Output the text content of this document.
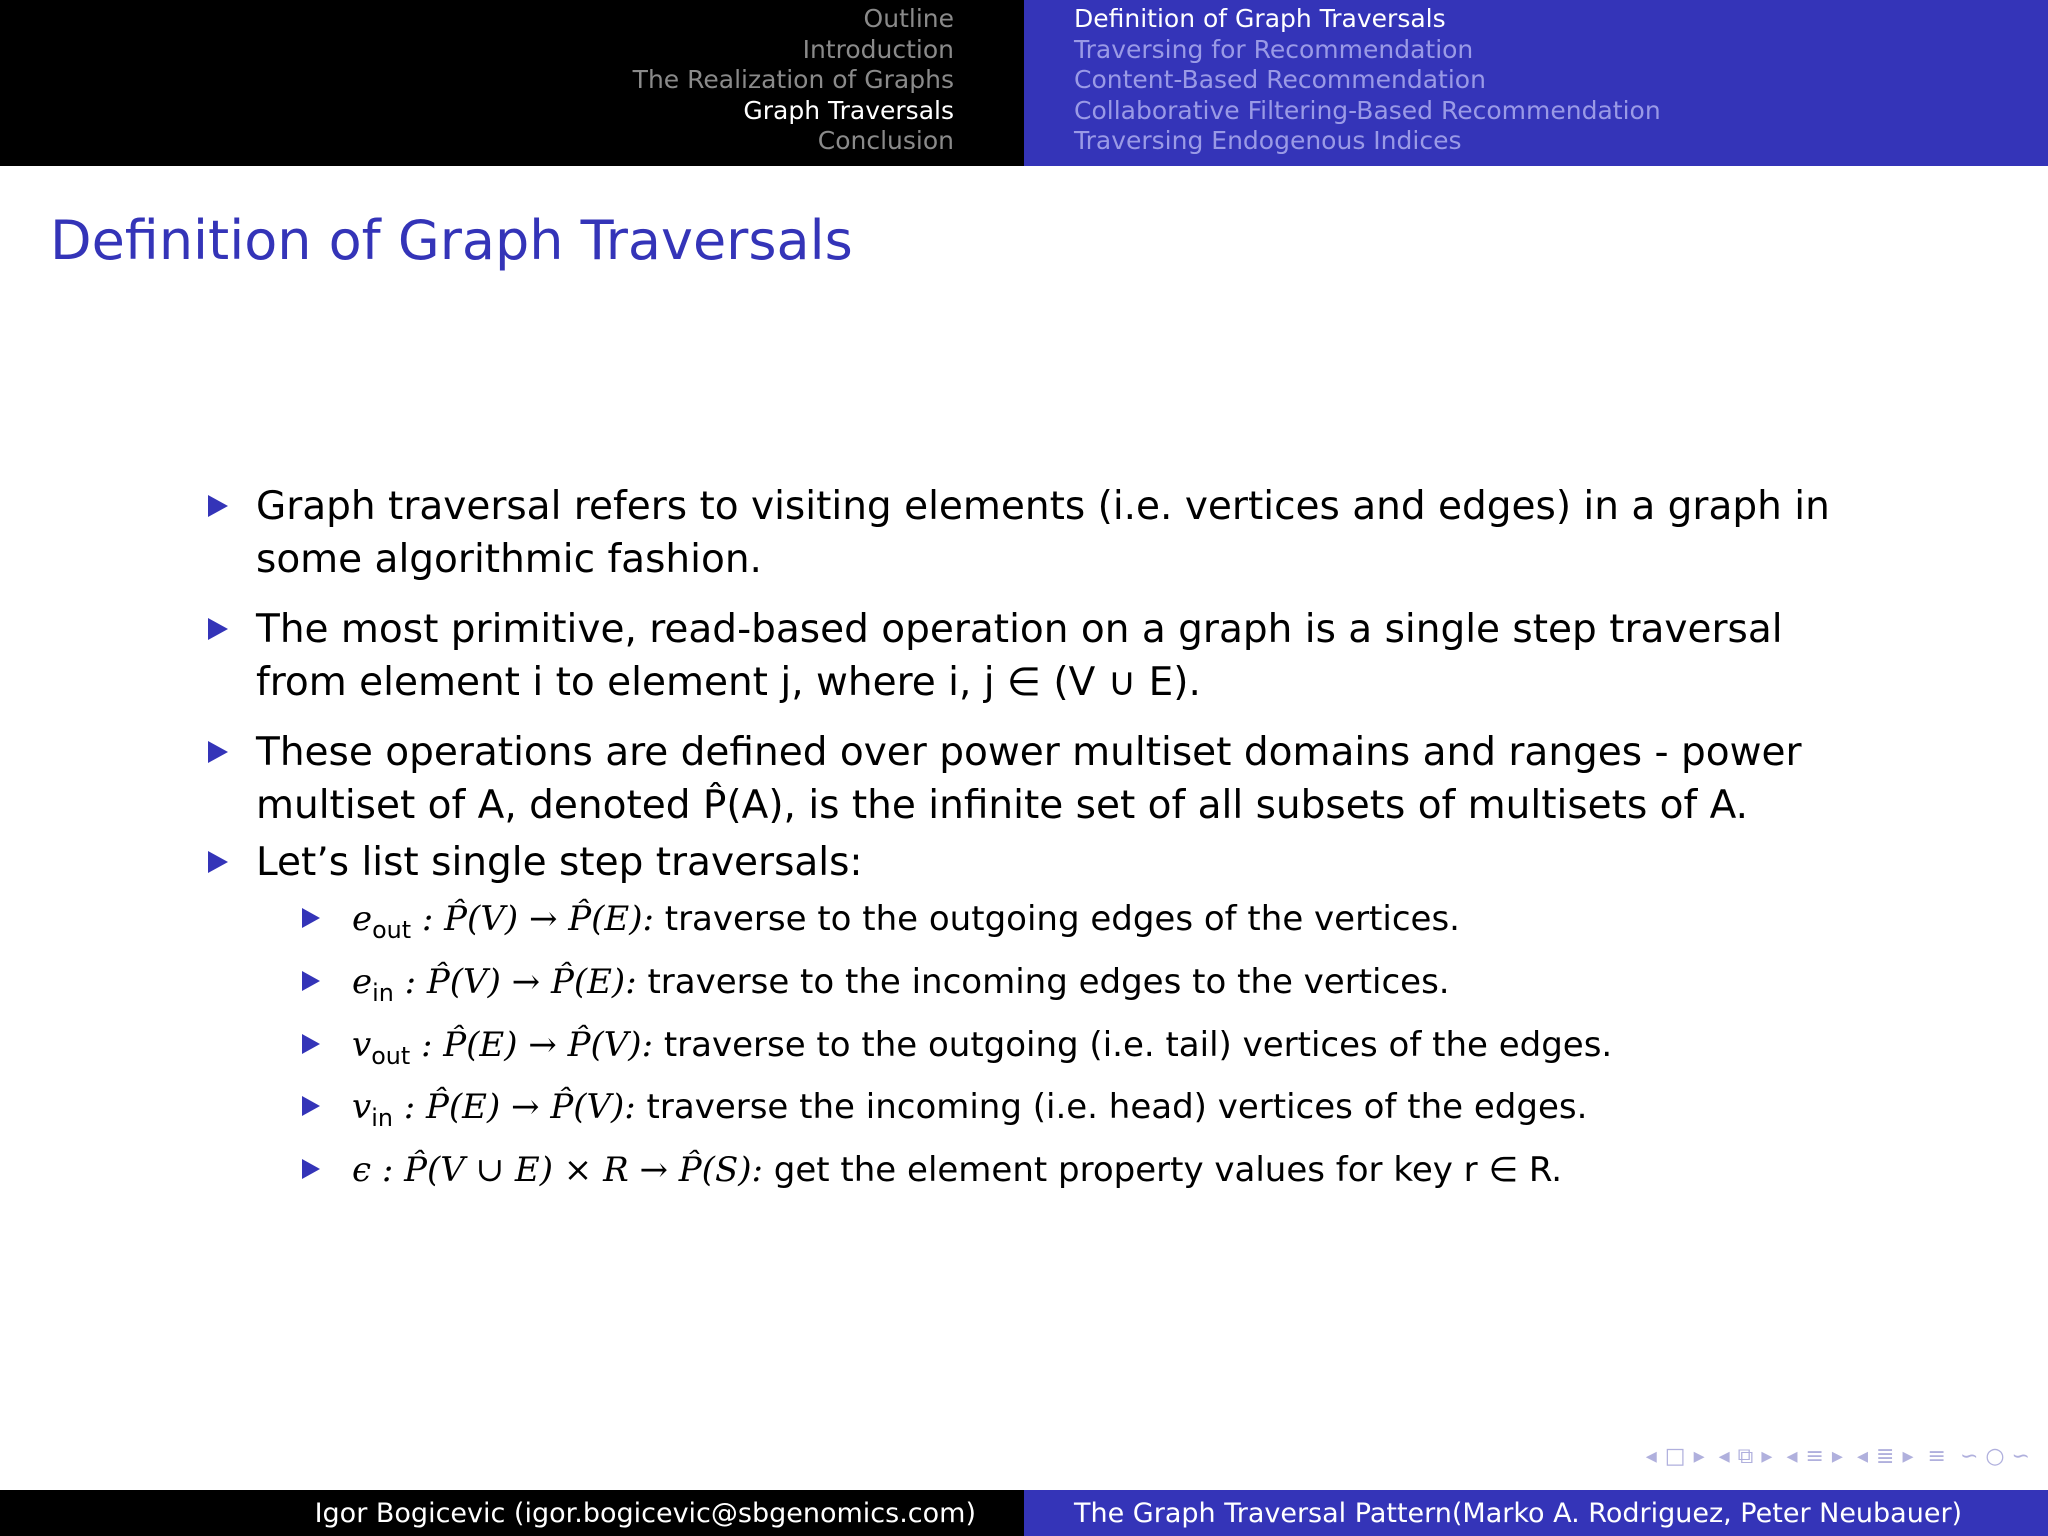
Outline
Introduction
The Realization of Graphs
Graph Traversals
Conclusion
Definition of Graph Traversals
Traversing for Recommendation
Content-Based Recommendation
Collaborative Filtering-Based Recommendation
Traversing Endogenous Indices
Definition of Graph Traversals
Graph traversal refers to visiting elements (i.e. vertices and edges) in a graph in some algorithmic fashion.
The most primitive, read-based operation on a graph is a single step traversal from element i to element j, where i, j ∈ (V ∪ E).
These operations are defined over power multiset domains and ranges - power multiset of A, denoted P̂(A), is the infinite set of all subsets of multisets of A.
Let’s list single step traversals:
$e_{out}$ : P̂(V) → P̂(E): traverse to the outgoing edges of the vertices.
$e_{in}$ : P̂(V) → P̂(E): traverse to the incoming edges to the vertices.
$v_{out}$ : P̂(E) → P̂(V): traverse to the outgoing (i.e. tail) vertices of the edges.
$v_{in}$ : P̂(E) → P̂(V): traverse the incoming (i.e. head) vertices of the edges.
ϵ : P̂(V ∪ E) × R → P̂(S): get the element property values for key r ∈ R.
◂ □ ▸ ◂ ⧉ ▸ ◂ ≡ ▸ ◂ ≣ ▸ ≡ ∽ ○ ∽
Igor Bogicevic (igor.bogicevic@sbgenomics.com)	The Graph Traversal Pattern(Marko A. Rodriguez, Peter Neubauer)
